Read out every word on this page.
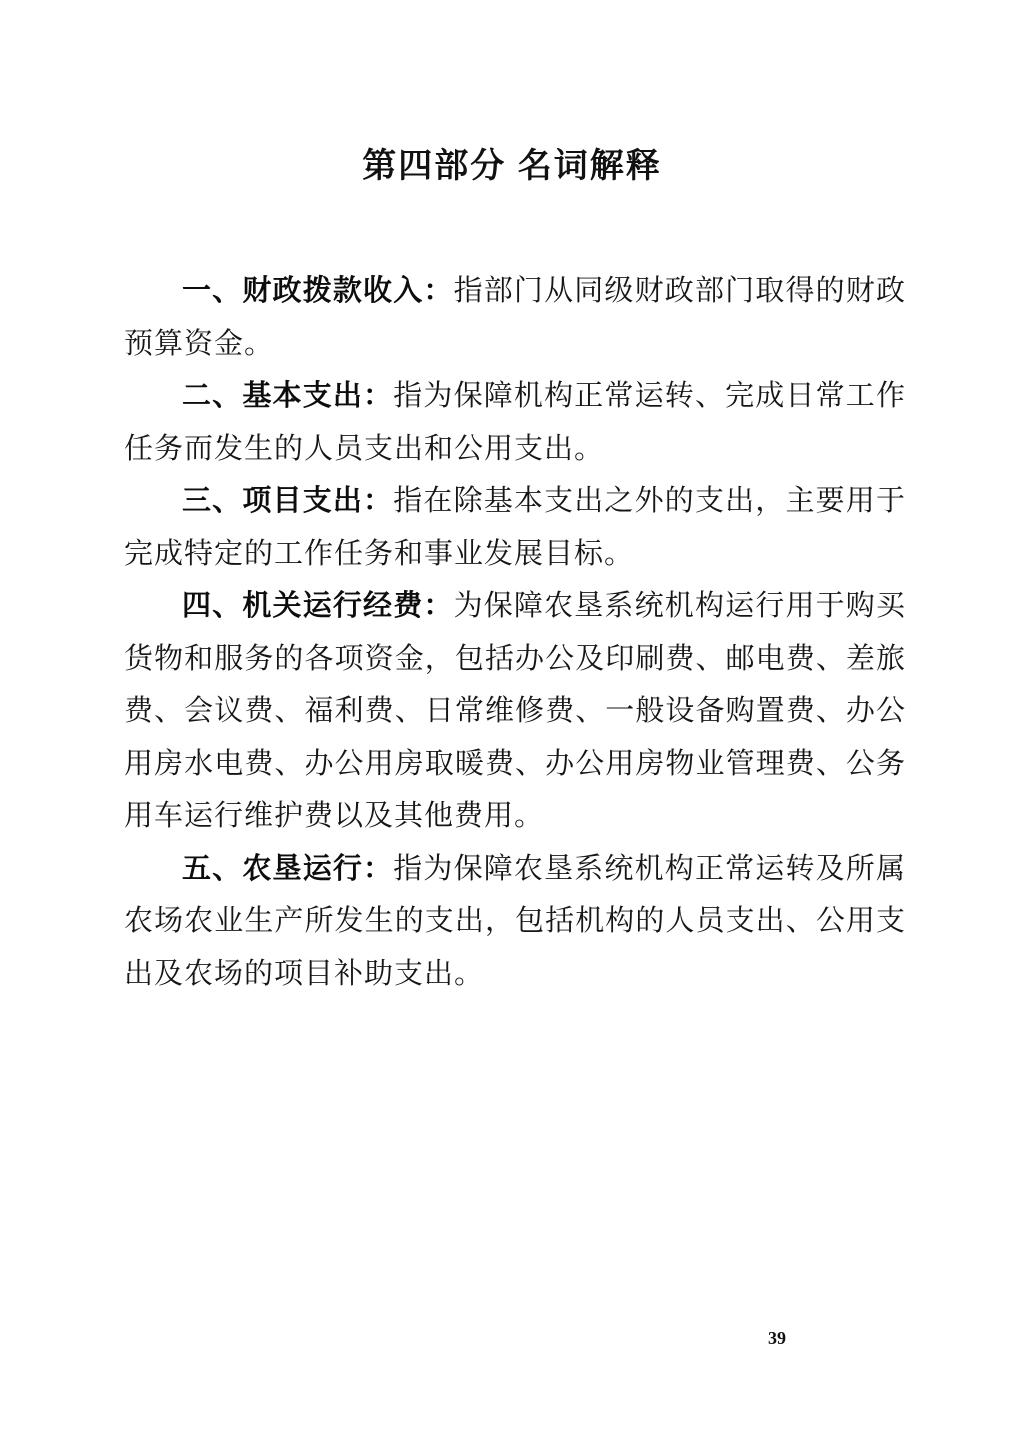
第四部分 名词解释

一、财政拨款收入：指部门从同级财政部门取得的财政预算资金。

二、基本支出：指为保障机构正常运转、完成日常工作任务而发生的人员支出和公用支出。

三、项目支出：指在除基本支出之外的支出，主要用于完成特定的工作任务和事业发展目标。

四、机关运行经费：为保障农垦系统机构运行用于购买货物和服务的各项资金，包括办公及印刷费、邮电费、差旅费、会议费、福利费、日常维修费、一般设备购置费、办公用房水电费、办公用房取暖费、办公用房物业管理费、公务用车运行维护费以及其他费用。

五、农垦运行：指为保障农垦系统机构正常运转及所属农场农业生产所发生的支出，包括机构的人员支出、公用支出及农场的项目补助支出。

39
